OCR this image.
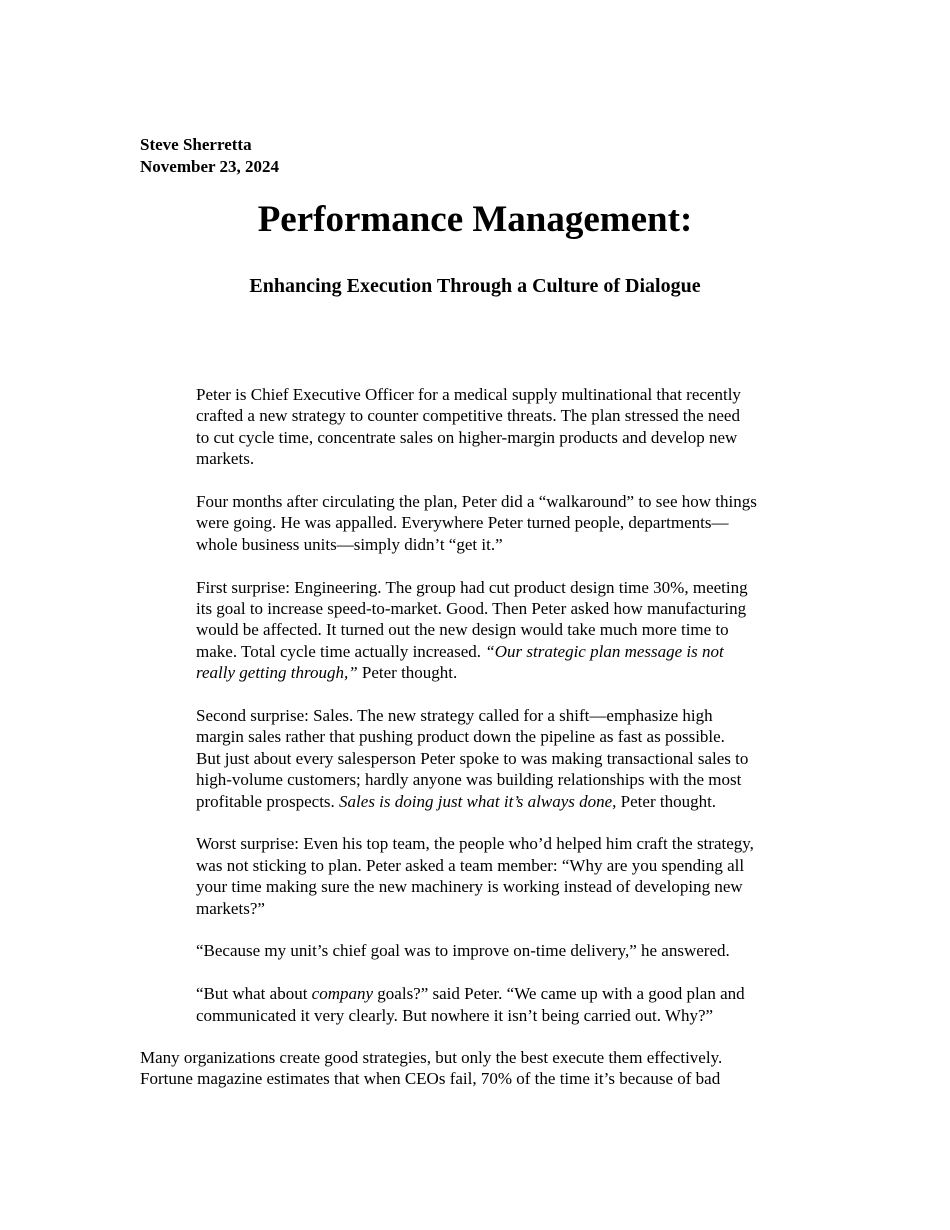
Steve Sherretta
November 23, 2024
Performance Management:
Enhancing Execution Through a Culture of Dialogue

Peter is Chief Executive Officer for a medical supply multinational that recently
crafted a new strategy to counter competitive threats. The plan stressed the need
to cut cycle time, concentrate sales on higher-margin products and develop new
markets.

Four months after circulating the plan, Peter did a “walkaround” to see how things
were going. He was appalled. Everywhere Peter turned people, departments—
whole business units—simply didn’t “get it.”

First surprise: Engineering. The group had cut product design time 30%, meeting
its goal to increase speed-to-market. Good. Then Peter asked how manufacturing
would be affected. It turned out the new design would take much more time to
make. Total cycle time actually increased. “Our strategic plan message is not
really getting through,” Peter thought.

Second surprise: Sales. The new strategy called for a shift—emphasize high
margin sales rather that pushing product down the pipeline as fast as possible.
But just about every salesperson Peter spoke to was making transactional sales to
high-volume customers; hardly anyone was building relationships with the most
profitable prospects. Sales is doing just what it’s always done, Peter thought.

Worst surprise: Even his top team, the people who’d helped him craft the strategy,
was not sticking to plan. Peter asked a team member: “Why are you spending all
your time making sure the new machinery is working instead of developing new
markets?”

“Because my unit’s chief goal was to improve on-time delivery,” he answered.

“But what about company goals?” said Peter. “We came up with a good plan and
communicated it very clearly. But nowhere it isn’t being carried out. Why?”

Many organizations create good strategies, but only the best execute them effectively.
Fortune magazine estimates that when CEOs fail, 70% of the time it’s because of bad
